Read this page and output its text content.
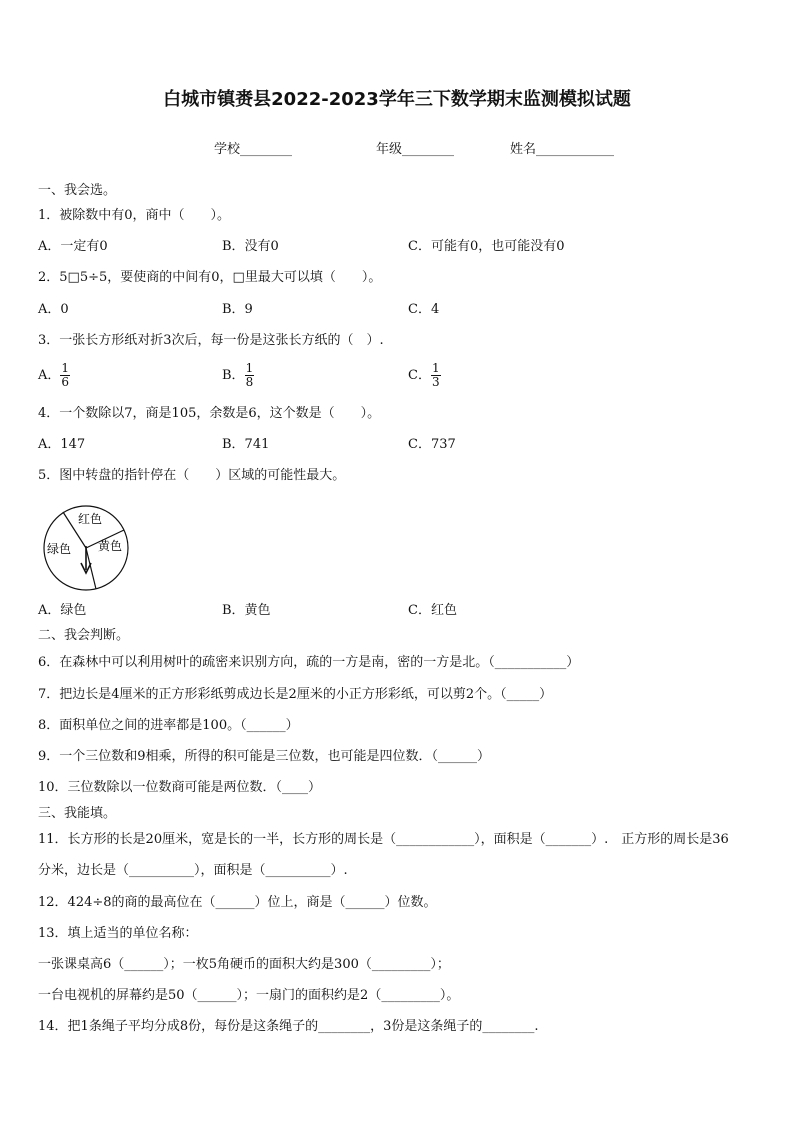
白城市镇赉县2022-2023学年三下数学期末监测模拟试题
学校________	年级________	姓名____________
一、我会选。
1．被除数中有0，商中（　　）。
A．一定有0	B．没有0	C．可能有0，也可能没有0
2．5□5÷5，要使商的中间有0，□里最大可以填（　　）。
A．0	B．9	C．4
3．一张长方形纸对折3次后，每一份是这张长方纸的（　）.
A． $\frac{1}{6}$	B． $\frac{1}{8}$	C． $\frac{1}{3}$
4．一个数除以7，商是105，余数是6，这个数是（　　）。
A．147	B．741	C．737
5．图中转盘的指针停在（　　）区域的可能性最大。
红色
绿色 黄色
A．绿色	B．黄色	C．红色
二、我会判断。
6．在森林中可以利用树叶的疏密来识别方向，疏的一方是南，密的一方是北。（___________）
7．把边长是4厘米的正方形彩纸剪成边长是2厘米的小正方形彩纸，可以剪2个。（_____）
8．面积单位之间的进率都是100。（______）
9．一个三位数和9相乘，所得的积可能是三位数，也可能是四位数．（______）
10．三位数除以一位数商可能是两位数．（____）
三、我能填。
11．长方形的长是20厘米，宽是长的一半，长方形的周长是（____________），面积是（_______）.　正方形的周长是36
分米，边长是（__________），面积是（__________）.
12．424÷8的商的最高位在（______）位上，商是（______）位数。
13．填上适当的单位名称：
一张课桌高6（______）；一枚5角硬币的面积大约是300（_________）；
一台电视机的屏幕约是50（______）；一扇门的面积约是2（_________）。
14．把1条绳子平均分成8份，每份是这条绳子的________，3份是这条绳子的________.
